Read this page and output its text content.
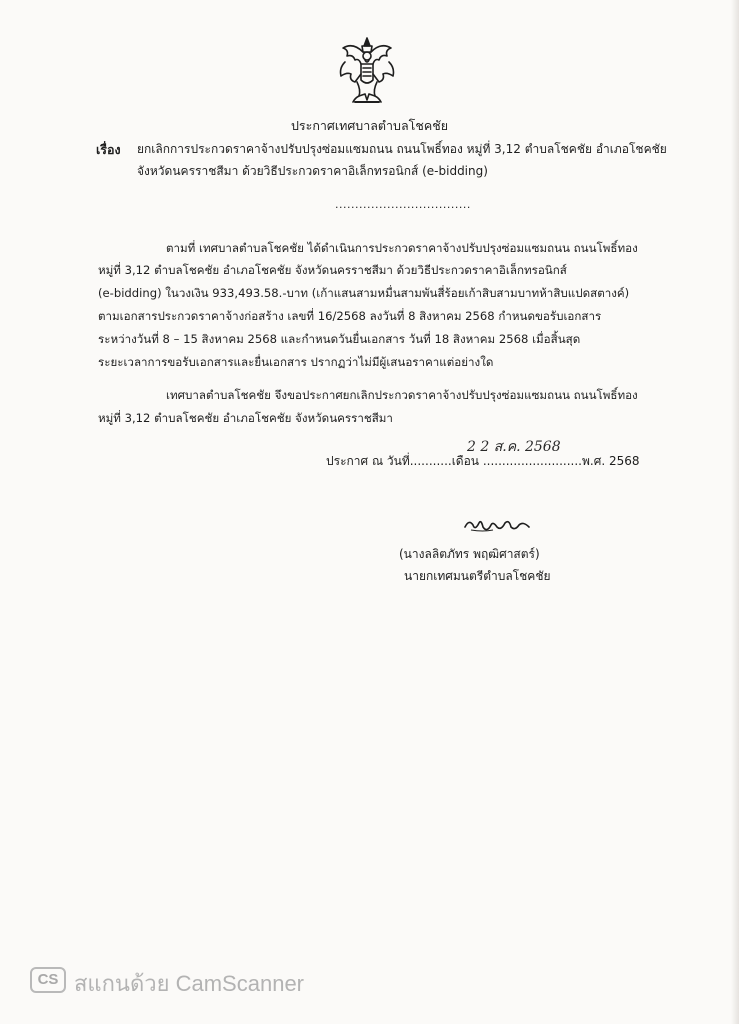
ประกาศเทศบาลตำบลโชคชัย
เรื่อง ยกเลิกการประกวดราคาจ้างปรับปรุงซ่อมแซมถนน ถนนโพธิ์ทอง หมู่ที่ 3,12 ตำบลโชคชัย อำเภอโชคชัย
จังหวัดนครราชสีมา ด้วยวิธีประกวดราคาอิเล็กทรอนิกส์ (e-bidding)
..................................
ตามที่ เทศบาลตำบลโชคชัย ได้ดำเนินการประกวดราคาจ้างปรับปรุงซ่อมแซมถนน ถนนโพธิ์ทอง
หมู่ที่ 3,12 ตำบลโชคชัย อำเภอโชคชัย จังหวัดนครราชสีมา ด้วยวิธีประกวดราคาอิเล็กทรอนิกส์
(e-bidding) ในวงเงิน 933,493.58.-บาท (เก้าแสนสามหมื่นสามพันสี่ร้อยเก้าสิบสามบาทห้าสิบแปดสตางค์)
ตามเอกสารประกวดราคาจ้างก่อสร้าง เลขที่ 16/2568 ลงวันที่ 8 สิงหาคม 2568 กำหนดขอรับเอกสาร
ระหว่างวันที่ 8 – 15 สิงหาคม 2568 และกำหนดวันยื่นเอกสาร วันที่ 18 สิงหาคม 2568 เมื่อสิ้นสุด
ระยะเวลาการขอรับเอกสารและยื่นเอกสาร ปรากฏว่าไม่มีผู้เสนอราคาแต่อย่างใด
เทศบาลตำบลโชคชัย จึงขอประกาศยกเลิกประกวดราคาจ้างปรับปรุงซ่อมแซมถนน ถนนโพธิ์ทอง
หมู่ที่ 3,12 ตำบลโชคชัย อำเภอโชคชัย จังหวัดนครราชสีมา
2 2 ส.ค. 2568
ประกาศ ณ วันที่...........เดือน ..........................พ.ศ. 2568
(นางลลิตภัทร พฤฒิศาสตร์)
นายกเทศมนตรีตำบลโชคชัย
CS สแกนด้วย CamScanner
